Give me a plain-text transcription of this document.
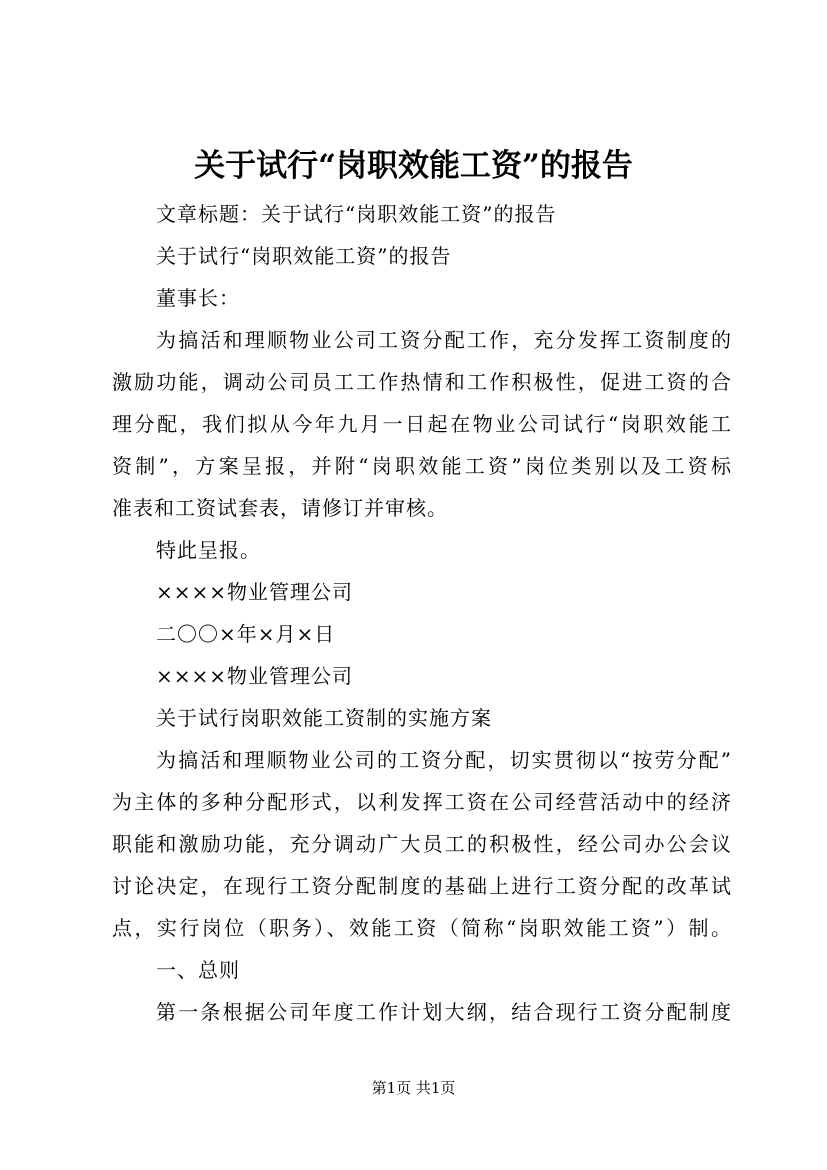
关于试行“岗职效能工资”的报告
文章标题：关于试行“岗职效能工资”的报告
关于试行“岗职效能工资”的报告
董事长：
为搞活和理顺物业公司工资分配工作，充分发挥工资制度的
激励功能，调动公司员工工作热情和工作积极性，促进工资的合
理分配，我们拟从今年九月一日起在物业公司试行“岗职效能工
资制”，方案呈报，并附“岗职效能工资”岗位类别以及工资标
准表和工资试套表，请修订并审核。
特此呈报。
××××物业管理公司
二〇〇×年×月×日
××××物业管理公司
关于试行岗职效能工资制的实施方案
为搞活和理顺物业公司的工资分配，切实贯彻以“按劳分配”
为主体的多种分配形式，以利发挥工资在公司经营活动中的经济
职能和激励功能，充分调动广大员工的积极性，经公司办公会议
讨论决定，在现行工资分配制度的基础上进行工资分配的改革试
点，实行岗位（职务）、效能工资（简称“岗职效能工资”）制。
一、总则
第一条根据公司年度工作计划大纲，结合现行工资分配制度
第1页 共1页
